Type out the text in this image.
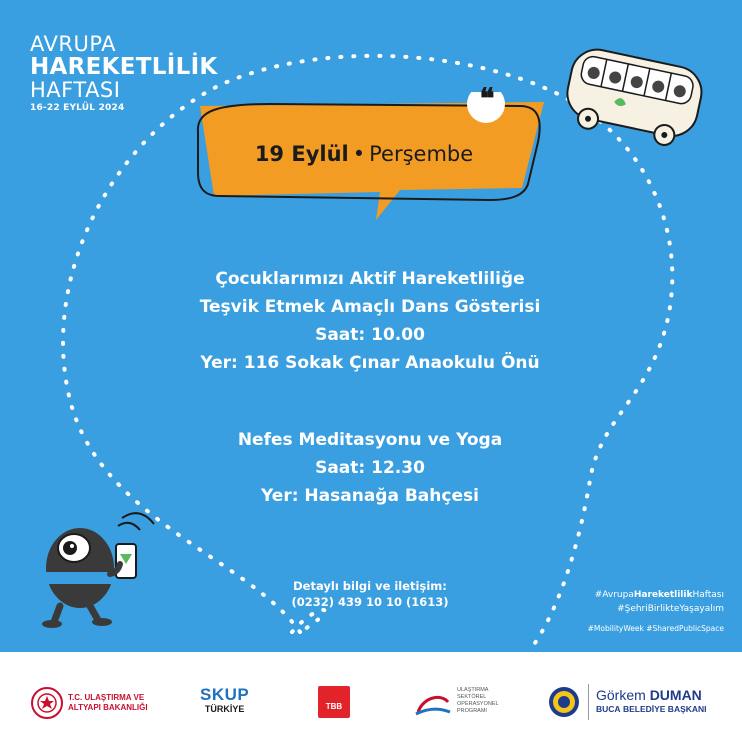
AVRUPA
HAREKETLİLİK
HAFTASI
16-22 EYLÜL 2024	❝
19 Eylül • Perşembe
Çocuklarımızı Aktif Hareketliliğe
Teşvik Etmek Amaçlı Dans Gösterisi
Saat: 10.00
Yer: 116 Sokak Çınar Anaokulu Önü
Nefes Meditasyonu ve Yoga
Saat: 12.30
Yer: Hasanağa Bahçesi
Detaylı bilgi ve iletişim:
(0232) 439 10 10 (1613)	#AvrupaHareketlilikHaftası
#ŞehriBirlikteYaşayalım
#MobilityWeek #SharedPublicSpace
T.C. ULAŞTIRMA VE
ALTYAPI BAKANLIĞI
SKUP
TÜRKİYE	TBB
ULAŞTIRMA
SEKTÖREL
OPERASYONEL
PROGRAMI
Görkem DUMAN
BUCA BELEDİYE BAŞKANI
